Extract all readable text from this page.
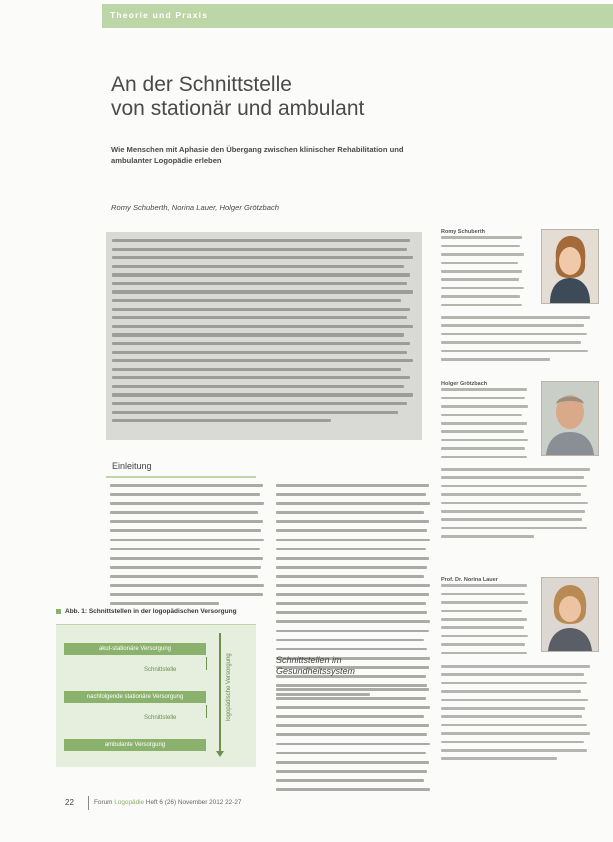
Theorie und Praxis
An der Schnittstelle
von stationär und ambulant
Wie Menschen mit Aphasie den Übergang zwischen klinischer Rehabilitation und ambulanter Logopädie erleben
Romy Schuberth, Norina Lauer, Holger Grötzbach
Romy Schuberth
Holger Grötzbach
Prof. Dr. Norina Lauer
Einleitung
Schnittstellen im
Gesundheitssystem
Abb. 1: Schnittstellen in der logopädischen Versorgung
akut-stationäre Versorgung
Schnittstelle
nachfolgende stationäre Versorgung
Schnittstelle
ambulante Versorgung
logopädische Versorgung
22	Forum Logopädie Heft 6 (26) November 2012 22-27
